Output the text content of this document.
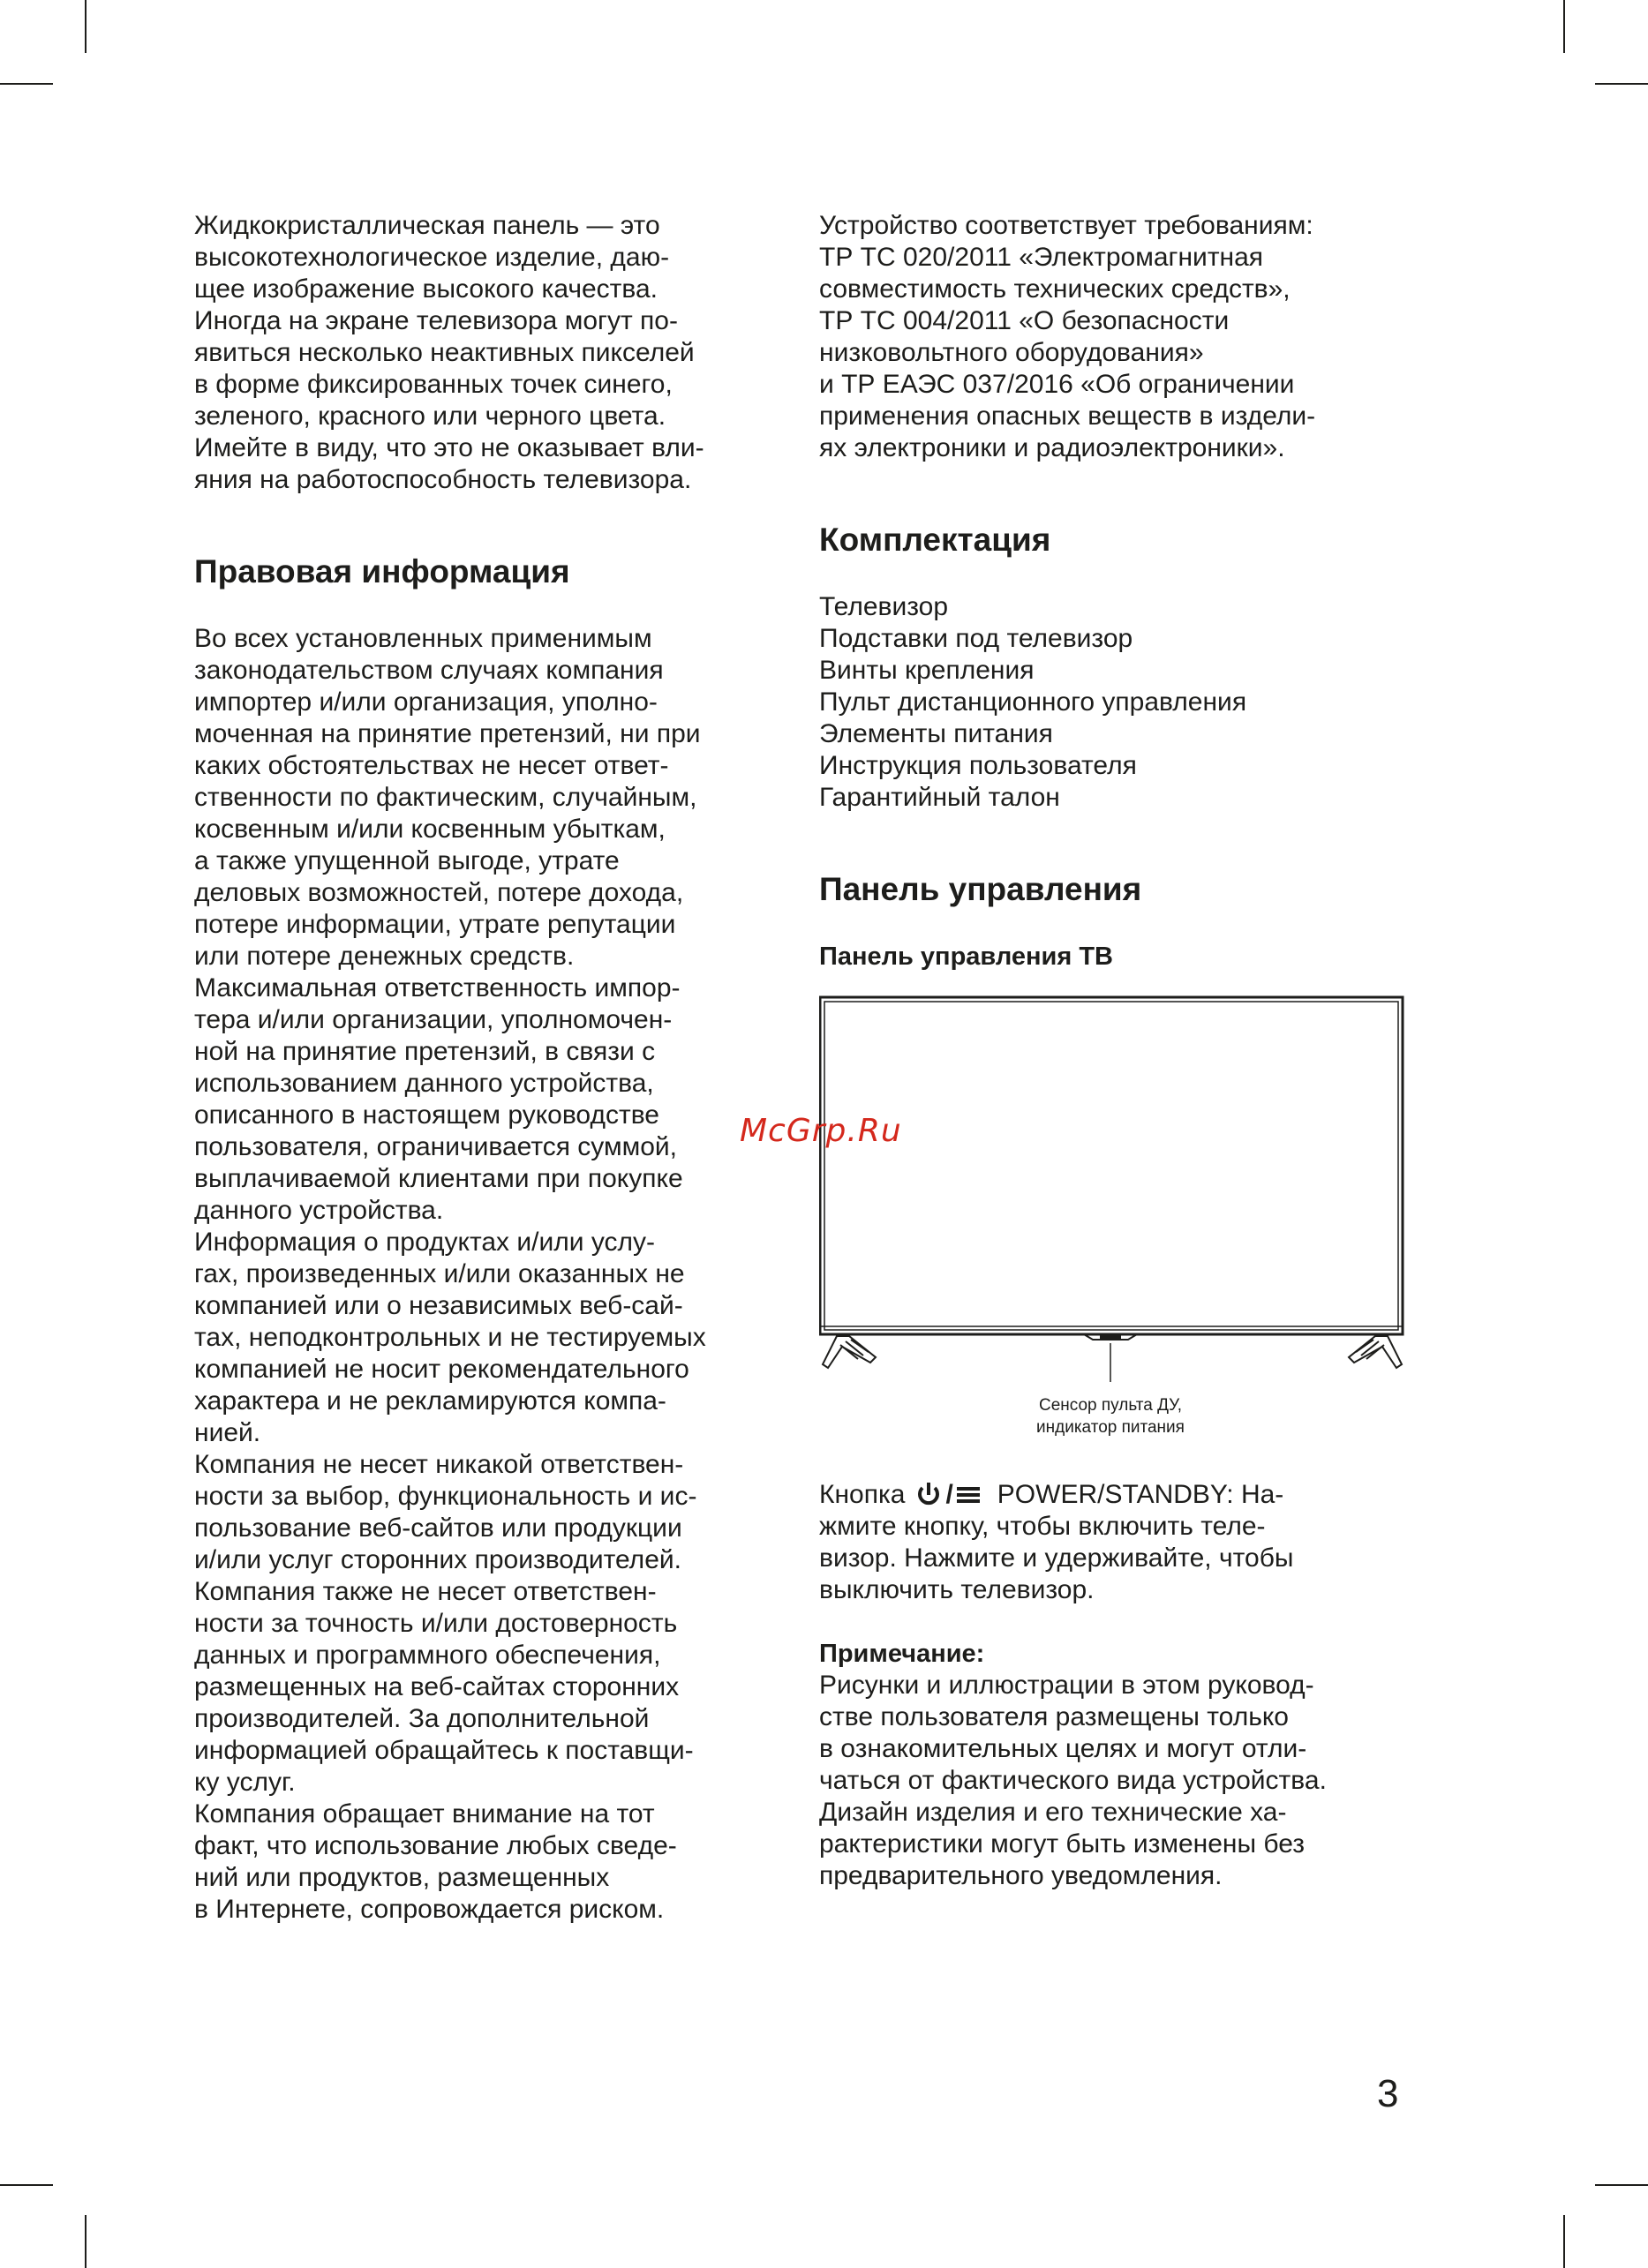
Жидкокристаллическая панель — это
высокотехнологическое изделие, даю-
щее изображение высокого качества.
Иногда на экране телевизора могут по-
явиться несколько неактивных пикселей
в форме фиксированных точек синего,
зеленого, красного или черного цвета.
Имейте в виду, что это не оказывает вли-
яния на работоспособность телевизора.
Правовая информация
Во всех установленных применимым
законодательством случаях компания
импортер и/или организация, уполно-
моченная на принятие претензий, ни при
каких обстоятельствах не несет ответ-
ственности по фактическим, случайным,
косвенным и/или косвенным убыткам,
а также упущенной выгоде, утрате
деловых возможностей, потере дохода,
потере информации, утрате репутации
или потере денежных средств.
Максимальная ответственность импор-
тера и/или организации, уполномочен-
ной на принятие претензий, в связи с
использованием данного устройства,
описанного в настоящем руководстве
пользователя, ограничивается суммой,
выплачиваемой клиентами при покупке
данного устройства.
Информация о продуктах и/или услу-
гах, произведенных и/или оказанных не
компанией или о независимых веб-сай-
тах, неподконтрольных и не тестируемых
компанией не носит рекомендательного
характера и не рекламируются компа-
нией.
Компания не несет никакой ответствен-
ности за выбор, функциональность и ис-
пользование веб-сайтов или продукции
и/или услуг сторонних производителей.
Компания также не несет ответствен-
ности за точность и/или достоверность
данных и программного обеспечения,
размещенных на веб-сайтах сторонних
производителей. За дополнительной
информацией обращайтесь к поставщи-
ку услуг.
Компания обращает внимание на тот
факт, что использование любых сведе-
ний или продуктов, размещенных
в Интернете, сопровождается риском.
Устройство соответствует требованиям:
ТР ТС 020/2011 «Электромагнитная
совместимость технических средств»,
ТР ТС 004/2011 «О безопасности
низковольтного оборудования»
и ТР ЕАЭС 037/2016 «Об ограничении
применения опасных веществ в издели-
ях электроники и радиоэлектроники».
Комплектация
Телевизор
Подставки под телевизор
Винты крепления
Пульт дистанционного управления
Элементы питания
Инструкция пользователя
Гарантийный талон
Панель управления
Панель управления ТВ
Сенсор пульта ДУ,
индикатор питания
Кнопка / POWER/STANDBY: На-
жмите кнопку, чтобы включить теле-
визор. Нажмите и удерживайте, чтобы
выключить телевизор.
Примечание:
Рисунки и иллюстрации в этом руковод-
стве пользователя размещены только
в ознакомительных целях и могут отли-
чаться от фактического вида устройства.
Дизайн изделия и его технические ха-
рактеристики могут быть изменены без
предварительного уведомления.
McGrp.Ru
3
